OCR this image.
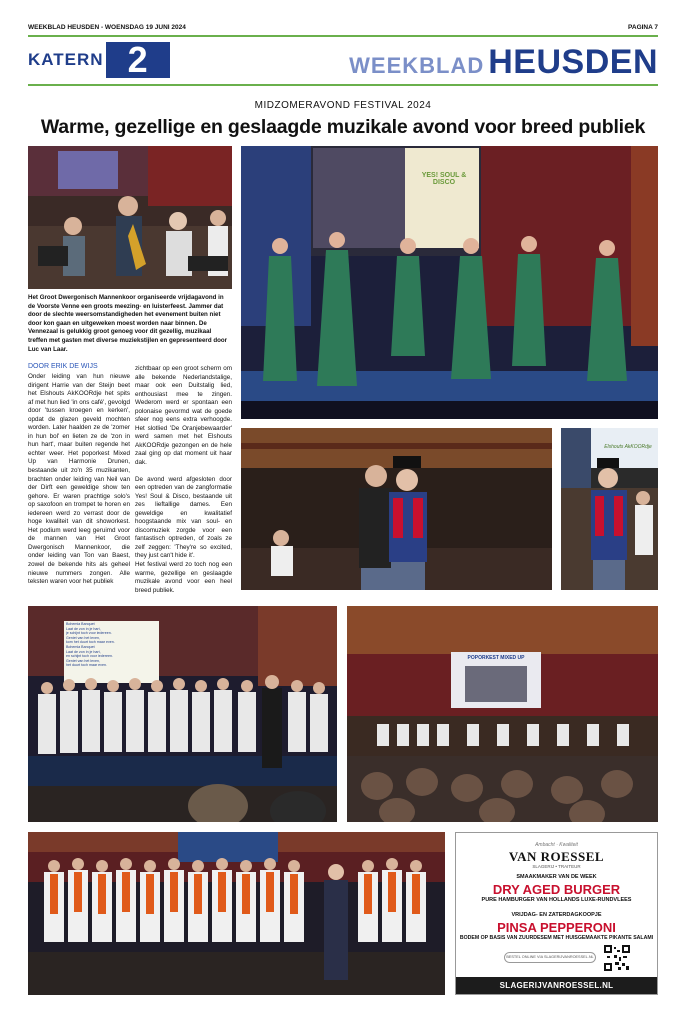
WEEKBLAD HEUSDEN - WOENSDAG 19 JUNI 2024	PAGINA 7
KATERN 2	WEEKBLAD HEUSDEN
MIDZOMERAVOND FESTIVAL 2024
Warme, gezellige en geslaagde muzikale avond voor breed publiek
YES! SOUL & DISCO
Het Groot Dwergonisch Mannenkoor organiseerde vrijdagavond in de Voorste Venne een groots meezing- en luisterfeest. Jammer dat door de slechte weersomstandigheden het evenement buiten niet door kon gaan en uitgeweken moest worden naar binnen. De Vennezaal is gelukkig groot genoeg voor dit gezellig, muzikaal treffen met gasten met diverse muziekstijlen en gepresenteerd door Luc van Laar.
DOOR ERIK DE WIJS

Onder leiding van hun nieuwe dirigent Harrie van der Steijn beet het Elshouts AkKOORdje het spits af met hun lied 'in ons café', gevolgd door 'tussen kroegen en kerken', opdat de glazen geveld mochten worden. Later haalden ze de 'zomer in hun bol' en lieten ze de 'zon in hun hart', maar buiten regende het echter weer. Het poporkest Mixed Up van Harmonie Drunen, bestaande uit zo'n 35 muzikanten, brachten onder leiding van Neil van der Dirft een geweldige show ten gehore. Er waren prachtige solo's op saxofoon en trompet te horen en iedereen werd zo verrast door de hoge kwaliteit van dit showorkest. Het podium werd leeg geruimd voor de mannen van Het Groot Dwergonisch Mannenkoor, die onder leiding van Ton van Baest, zowel de bekende hits als geheel nieuwe nummers zongen. Alle teksten waren voor het publiek

zichtbaar op een groot scherm om alle bekende Nederlandstalige, maar ook een Duitstalig lied, enthousiast mee te zingen. Wederom werd er spontaan een polonaise gevormd wat de goede sfeer nog eens extra verhoogde. Het slotlied 'De Oranjebewaarder' werd samen met het Elshouts AkKOORdje gezongen en de hele zaal ging op dat moment uit haar dak.

De avond werd afgesloten door een optreden van de zangformatie Yes! Soul & Disco, bestaande uit zes lieftallige dames. Een geweldige en kwalitatief hoogstaande mix van soul- en discomuziek zorgde voor een fantastisch optreden, of zoals ze zelf zeggen: 'They're so excited, they just can't hide it'.

Het festival werd zo toch nog een warme, gezellige en geslaagde muzikale avond voor een heel breed publiek.

Elshouts AkKOORdje
Bohemia Banquet
Laat de zon in je hart,
je schijnt toch voor iedereen.
Geniet van het leven,
kom het duurt toch maar even.
Bohemia Banquet
Laat de zon in je hart,
en schijnt toch voor iedereen.
Geniet van het leven,
het duurt toch maar even.
POPORKEST MIXED UP
Ambacht · Kwaliteit
VAN ROESSEL
SLAGERIJ • TRAITEUR
SMAAKMAKER VAN DE WEEK
DRY AGED BURGER
PURE HAMBURGER VAN HOLLANDS LUXE-RUNDVLEES
VRIJDAG- EN ZATERDAGKOOPJE
PINSA PEPPERONI
BODEM OP BASIS VAN ZUURDESEM MET HUISGEMAAKTE PIKANTE SALAMI
BESTEL ONLINE VIA SLAGERIJVANROESSEL.NL
SLAGERIJVANROESSEL.NL
